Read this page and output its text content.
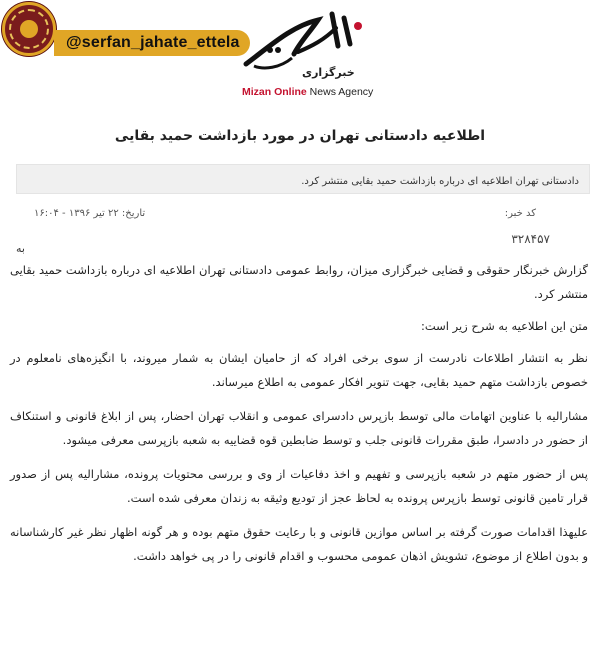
@serfan_jahate_ettela
خبرگزاری
Mizan Online News Agency
اطلاعیه دادستانی تهران در مورد بازداشت حمید بقایی
دادستانی تهران اطلاعیه ای درباره بازداشت حمید بقایی منتشر کرد.
تاریخ: ۲۲ تیر ۱۳۹۶ - ۱۶:۰۴	کد خبر:
۳۲۸۴۵۷
به

گزارش خبرنگار حقوقی و قضایی خبرگزاری میزان، روابط عمومی دادستانی تهران اطلاعیه ای درباره بازداشت حمید بقایی منتشر کرد.

متن این اطلاعیه به شرح زیر است:

نظر به انتشار اطلاعات نادرست از سوی برخی افراد که از حامیان ایشان به شمار میروند، با انگیزه‌های نامعلوم در خصوص بازداشت متهم حمید بقایی، جهت تنویر افکار عمومی به اطلاع میرساند.

مشارالیه با عناوین اتهامات مالی توسط بازپرس دادسرای عمومی و انقلاب تهران احضار، پس از ابلاغ قانونی و استنکاف از حضور در دادسرا، طبق مقررات قانونی جلب و توسط ضابطین قوه قضاییه به شعبه بازپرسی معرفی میشود.

پس از حضور متهم در شعبه بازپرسی و تفهیم و اخذ دفاعیات از وی و بررسی محتویات پرونده، مشارالیه پس از صدور قرار تامین قانونی توسط بازپرس پرونده به لحاظ عجز از تودیع وثیقه به زندان معرفی شده است.

علیهذا اقدامات صورت گرفته بر اساس موازین قانونی و با رعایت حقوق متهم بوده و هر گونه اظهار نظر غیر کارشناسانه و بدون اطلاع از موضوع، تشویش اذهان عمومی محسوب و اقدام قانونی را در پی خواهد داشت.
